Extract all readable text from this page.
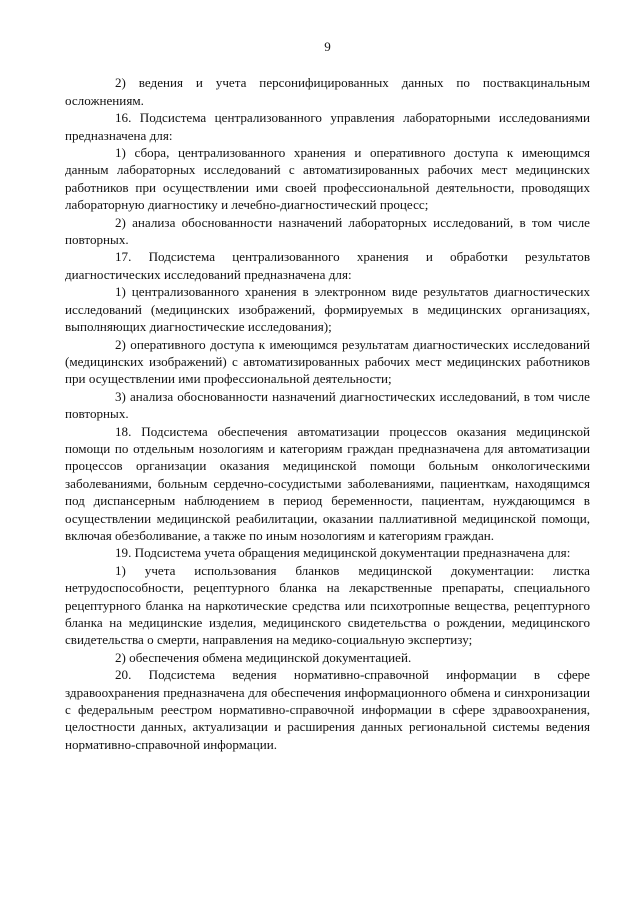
9

2) ведения и учета персонифицированных данных по поствакцинальным осложнениям.

16. Подсистема централизованного управления лабораторными исследованиями предназначена для:

1) сбора, централизованного хранения и оперативного доступа к имеющимся данным лабораторных исследований с автоматизированных рабочих мест медицинских работников при осуществлении ими своей профессиональной деятельности, проводящих лабораторную диагностику и лечебно-диагностический процесс;

2) анализа обоснованности назначений лабораторных исследований, в том числе повторных.

17. Подсистема централизованного хранения и обработки результатов диагностических исследований предназначена для:

1) централизованного хранения в электронном виде результатов диагностических исследований (медицинских изображений, формируемых в медицинских организациях, выполняющих диагностические исследования);

2) оперативного доступа к имеющимся результатам диагностических исследований (медицинских изображений) с автоматизированных рабочих мест медицинских работников при осуществлении ими профессиональной деятельности;

3) анализа обоснованности назначений диагностических исследований, в том числе повторных.

18. Подсистема обеспечения автоматизации процессов оказания медицинской помощи по отдельным нозологиям и категориям граждан предназначена для автоматизации процессов организации оказания медицинской помощи больным онкологическими заболеваниями, больным сердечно-сосудистыми заболеваниями, пациенткам, находящимся под диспансерным наблюдением в период беременности, пациентам, нуждающимся в осуществлении медицинской реабилитации, оказании паллиативной медицинской помощи, включая обезболивание, а также по иным нозологиям и категориям граждан.

19. Подсистема учета обращения медицинской документации предназначена для:

1) учета использования бланков медицинской документации: листка нетрудоспособности, рецептурного бланка на лекарственные препараты, специального рецептурного бланка на наркотические средства или психотропные вещества, рецептурного бланка на медицинские изделия, медицинского свидетельства о рождении, медицинского свидетельства о смерти, направления на медико-социальную экспертизу;

2) обеспечения обмена медицинской документацией.

20. Подсистема ведения нормативно-справочной информации в сфере здравоохранения предназначена для обеспечения информационного обмена и синхронизации с федеральным реестром нормативно-справочной информации в сфере здравоохранения, целостности данных, актуализации и расширения данных региональной системы ведения нормативно-справочной информации.
